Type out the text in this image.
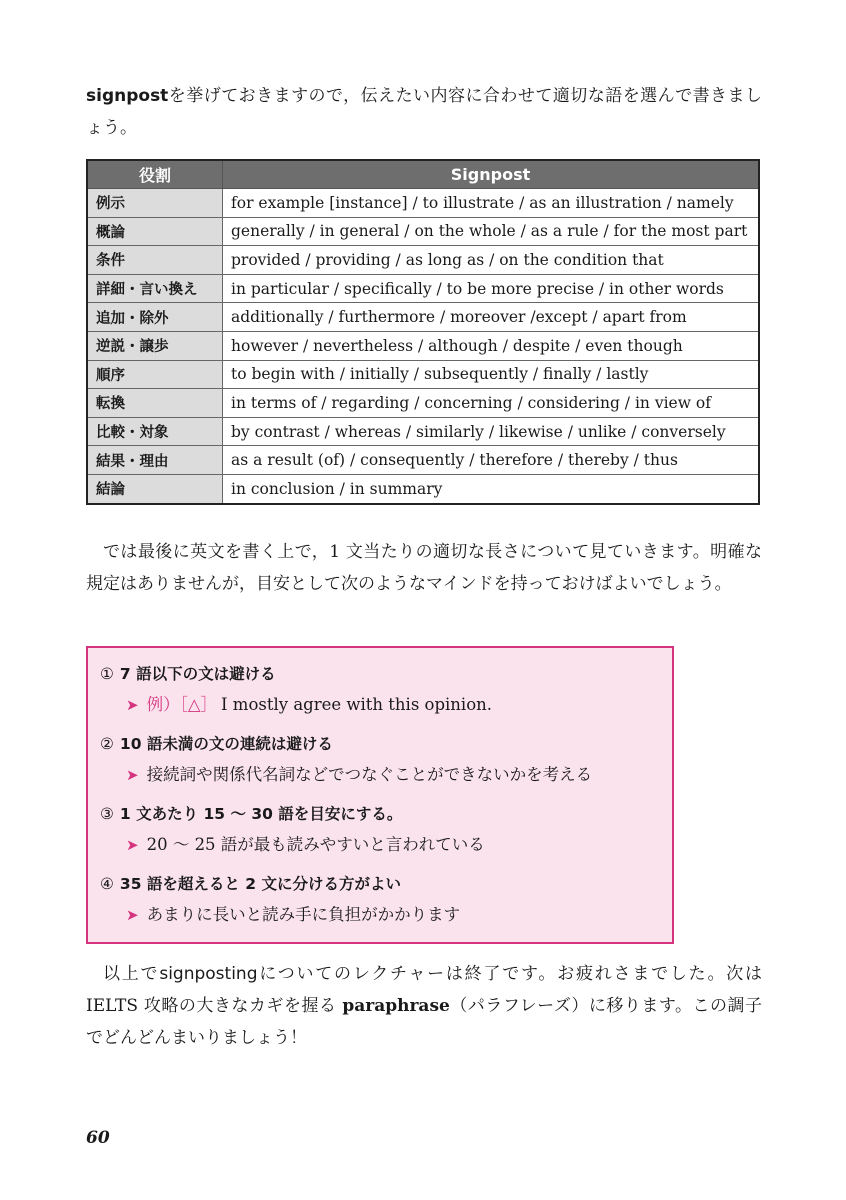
signpostを挙げておきますので，伝えたい内容に合わせて適切な語を選んで書きましょう。

役割	Signpost
例示	for example [instance] / to illustrate / as an illustration / namely
概論	generally / in general / on the whole / as a rule / for the most part
条件	provided / providing / as long as / on the condition that
詳細・言い換え	in particular / specifically / to be more precise / in other words
追加・除外	additionally / furthermore / moreover /except / apart from
逆説・譲歩	however / nevertheless / although / despite / even though
順序	to begin with / initially / subsequently / finally / lastly
転換	in terms of / regarding / concerning / considering / in view of
比較・対象	by contrast / whereas / similarly / likewise / unlike / conversely
結果・理由	as a result (of) / consequently / therefore / thereby / thus
結論	in conclusion / in summary

では最後に英文を書く上で，1 文当たりの適切な長さについて見ていきます。明確な規定はありませんが，目安として次のようなマインドを持っておけばよいでしょう。

① 7 語以下の文は避ける
➤ 例）［△］ I mostly agree with this opinion.
② 10 語未満の文の連続は避ける
➤ 接続詞や関係代名詞などでつなぐことができないかを考える
③ 1 文あたり 15 ～ 30 語を目安にする。
➤ 20 ～ 25 語が最も読みやすいと言われている
④ 35 語を超えると 2 文に分ける方がよい
➤ あまりに長いと読み手に負担がかかります

以上でsignpostingについてのレクチャーは終了です。お疲れさまでした。次は IELTS 攻略の大きなカギを握る paraphrase（パラフレーズ）に移ります。この調子でどんどんまいりましょう！

60
